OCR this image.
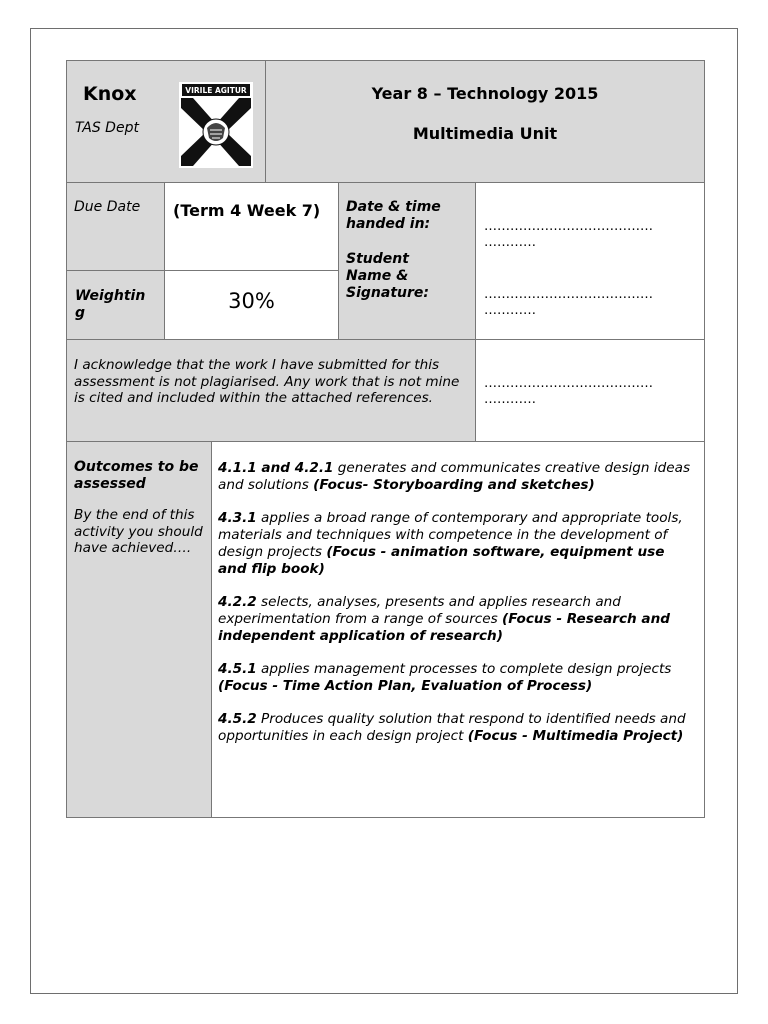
Knox
TAS Dept
VIRILE AGITUR	Year 8 – Technology 2015
Multimedia Unit
Due Date (Term 4 Week 7)
Weightin g	30%
Date & time handed in:
Student Name & Signature:
…………………………………
…………
…………………………………
…………
I acknowledge that the work I have submitted for this assessment is not plagiarised. Any work that is not mine is cited and included within the attached references.
…………………………………
…………
Outcomes to be assessed
By the end of this activity you should have achieved….

4.1.1 and 4.2.1 generates and communicates creative design ideas and solutions (Focus- Storyboarding and sketches)

4.3.1 applies a broad range of contemporary and appropriate tools, materials and techniques with competence in the development of design projects (Focus - animation software, equipment use and flip book)

4.2.2 selects, analyses, presents and applies research and experimentation from a range of sources (Focus - Research and independent application of research)

4.5.1 applies management processes to complete design projects (Focus - Time Action Plan, Evaluation of Process)

4.5.2 Produces quality solution that respond to identified needs and opportunities in each design project (Focus - Multimedia Project)
